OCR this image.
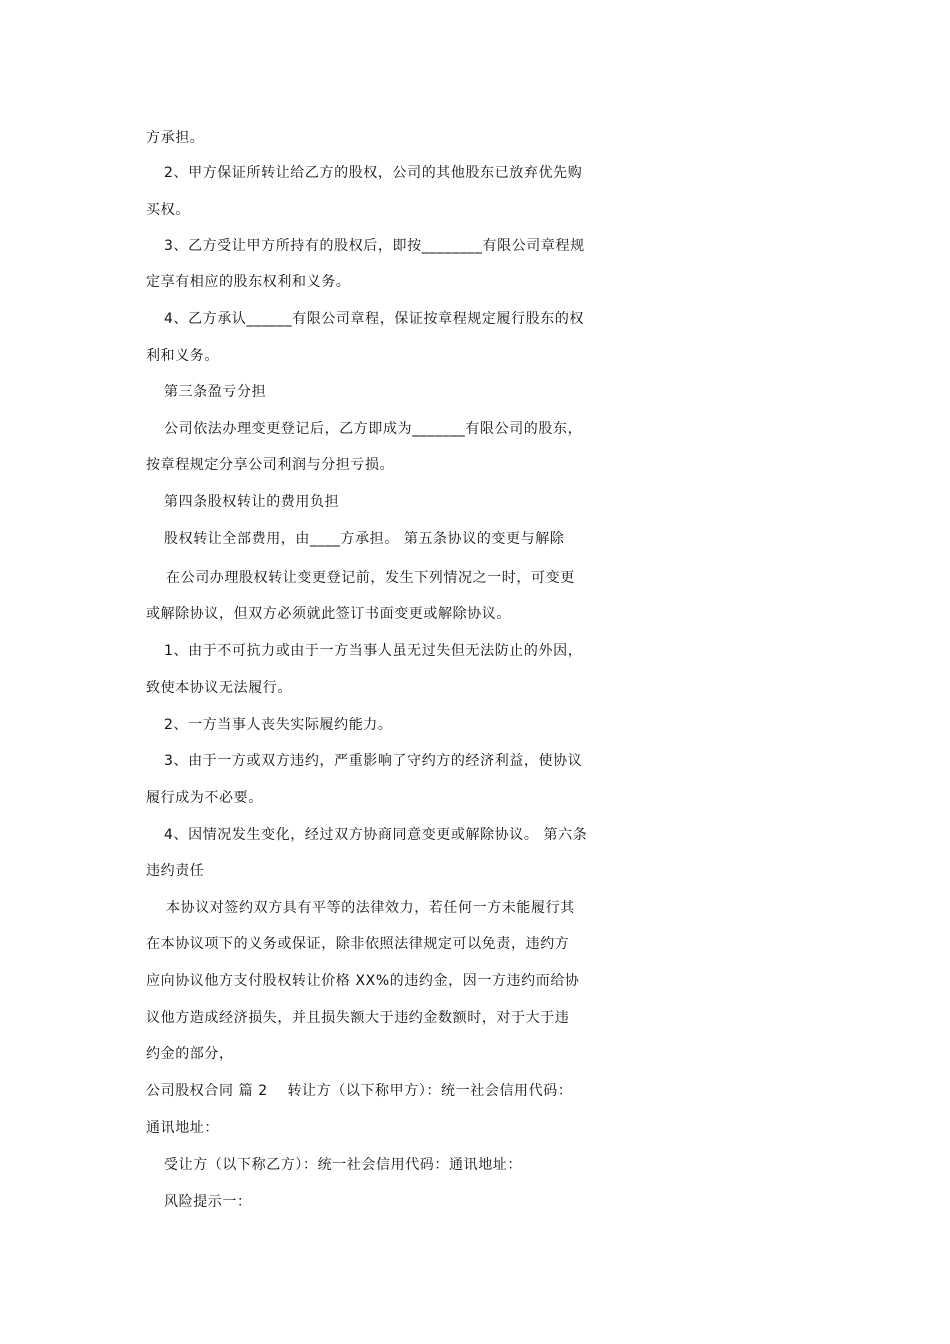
方承担。
2、甲方保证所转让给乙方的股权，公司的其他股东已放弃优先购
买权。
3、乙方受让甲方所持有的股权后，即按________有限公司章程规
定享有相应的股东权利和义务。
4、乙方承认______有限公司章程，保证按章程规定履行股东的权
利和义务。
第三条盈亏分担
公司依法办理变更登记后，乙方即成为_______有限公司的股东，
按章程规定分享公司利润与分担亏损。
第四条股权转让的费用负担
股权转让全部费用，由____方承担。 第五条协议的变更与解除
在公司办理股权转让变更登记前，发生下列情况之一时，可变更
或解除协议，但双方必须就此签订书面变更或解除协议。
1、由于不可抗力或由于一方当事人虽无过失但无法防止的外因，
致使本协议无法履行。
2、一方当事人丧失实际履约能力。
3、由于一方或双方违约，严重影响了守约方的经济利益，使协议
履行成为不必要。
4、因情况发生变化，经过双方协商同意变更或解除协议。 第六条
违约责任
本协议对签约双方具有平等的法律效力，若任何一方未能履行其
在本协议项下的义务或保证，除非依照法律规定可以免责，违约方
应向协议他方支付股权转让价格 XX%的违约金，因一方违约而给协
议他方造成经济损失，并且损失额大于违约金数额时，对于大于违
约金的部分，
公司股权合同 篇 2　 转让方（以下称甲方）：统一社会信用代码：
通讯地址：
受让方（以下称乙方）：统一社会信用代码：通讯地址：
风险提示一：
